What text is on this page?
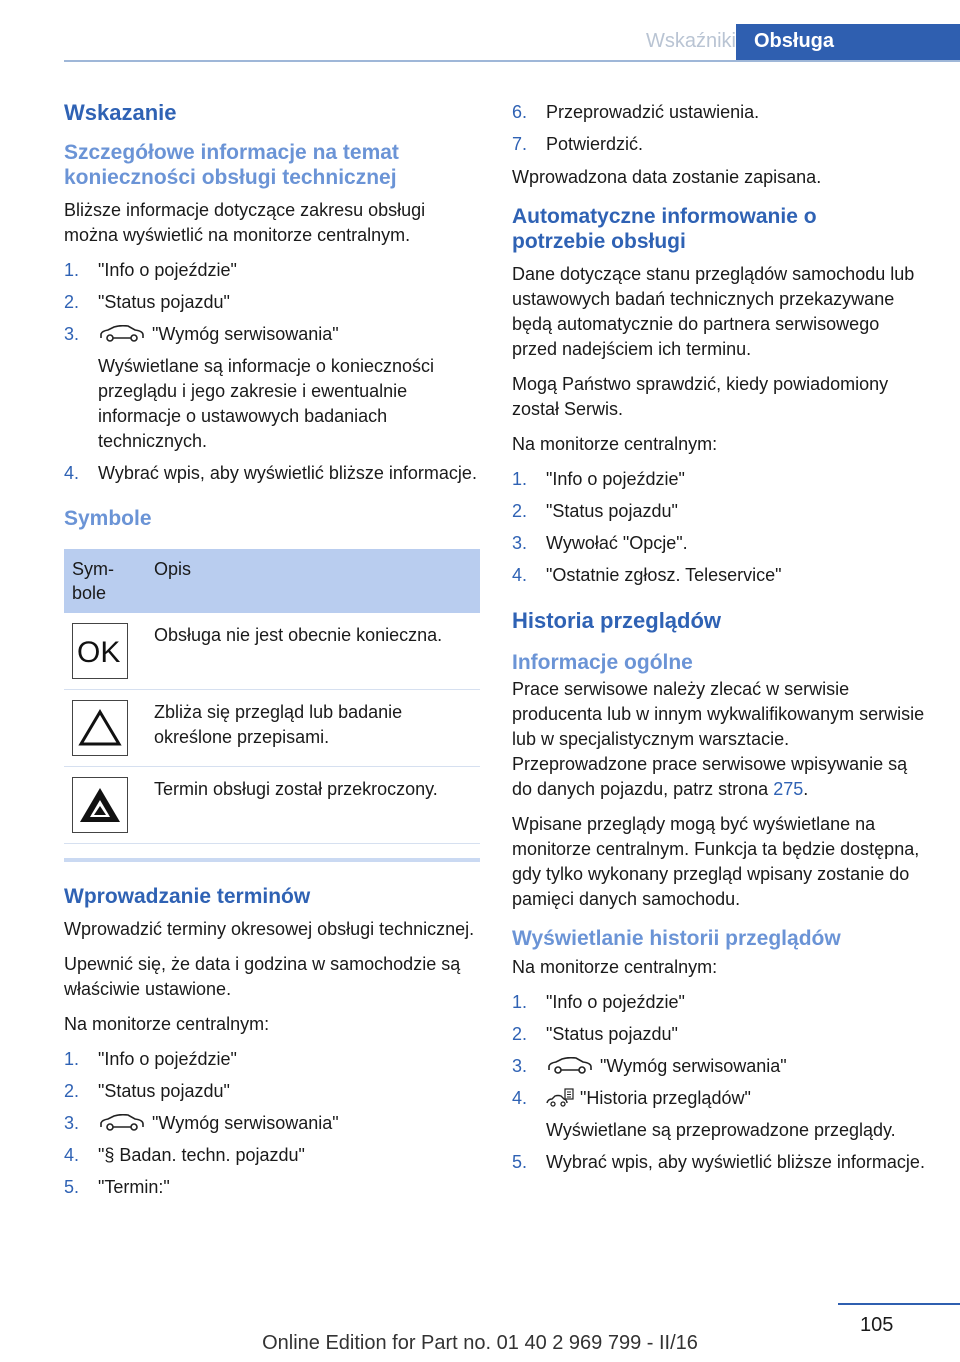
Wskaźniki Obsługa
Wskazanie
Szczegółowe informacje na temat konieczności obsługi technicznej
Bliższe informacje dotyczące zakresu obsługi można wyświetlić na monitorze centralnym.
1. "Info o pojeździe"
2. "Status pojazdu"
3.	"Wymóg serwisowania"
Wyświetlane są informacje o konieczności przeglądu i jego zakresie i ewentualnie informacje o ustawowych badaniach technicznych.
4. Wybrać wpis, aby wyświetlić bliższe informacje.
Symbole
Sym-bole	Opis

OK	Obsługa nie jest obecnie konieczna.

	Zbliża się przegląd lub badanie określone przepisami.

	Termin obsługi został przekroczony.
Wprowadzanie terminów
Wprowadzić terminy okresowej obsługi technicznej.
Upewnić się, że data i godzina w samochodzie są właściwie ustawione.
Na monitorze centralnym:
1. "Info o pojeździe"
2. "Status pojazdu"
3.	"Wymóg serwisowania"
4. "§ Badan. techn. pojazdu"
5. "Termin:"
6. Przeprowadzić ustawienia.
7. Potwierdzić.
Wprowadzona data zostanie zapisana.
Automatyczne informowanie o potrzebie obsługi
Dane dotyczące stanu przeglądów samochodu lub ustawowych badań technicznych przekazywane będą automatycznie do partnera serwisowego przed nadejściem ich terminu.
Mogą Państwo sprawdzić, kiedy powiadomiony został Serwis.
Na monitorze centralnym:
1. "Info o pojeździe"
2. "Status pojazdu"
3. Wywołać "Opcje".
4. "Ostatnie zgłosz. Teleservice"
Historia przeglądów
Informacje ogólne
Prace serwisowe należy zlecać w serwisie producenta lub w innym wykwalifikowanym serwisie lub w specjalistycznym warsztacie. Przeprowadzone prace serwisowe wpisywanie są do danych pojazdu, patrz strona 275.
Wpisane przeglądy mogą być wyświetlane na monitorze centralnym. Funkcja ta będzie dostępna, gdy tylko wykonany przegląd wpisany zostanie do pamięci danych samochodu.
Wyświetlanie historii przeglądów
Na monitorze centralnym:
1. "Info o pojeździe"
2. "Status pojazdu"
3.	"Wymóg serwisowania"
4.	"Historia przeglądów"
Wyświetlane są przeprowadzone przeglądy.
5. Wybrać wpis, aby wyświetlić bliższe informacje.
105
Online Edition for Part no. 01 40 2 969 799 - II/16
